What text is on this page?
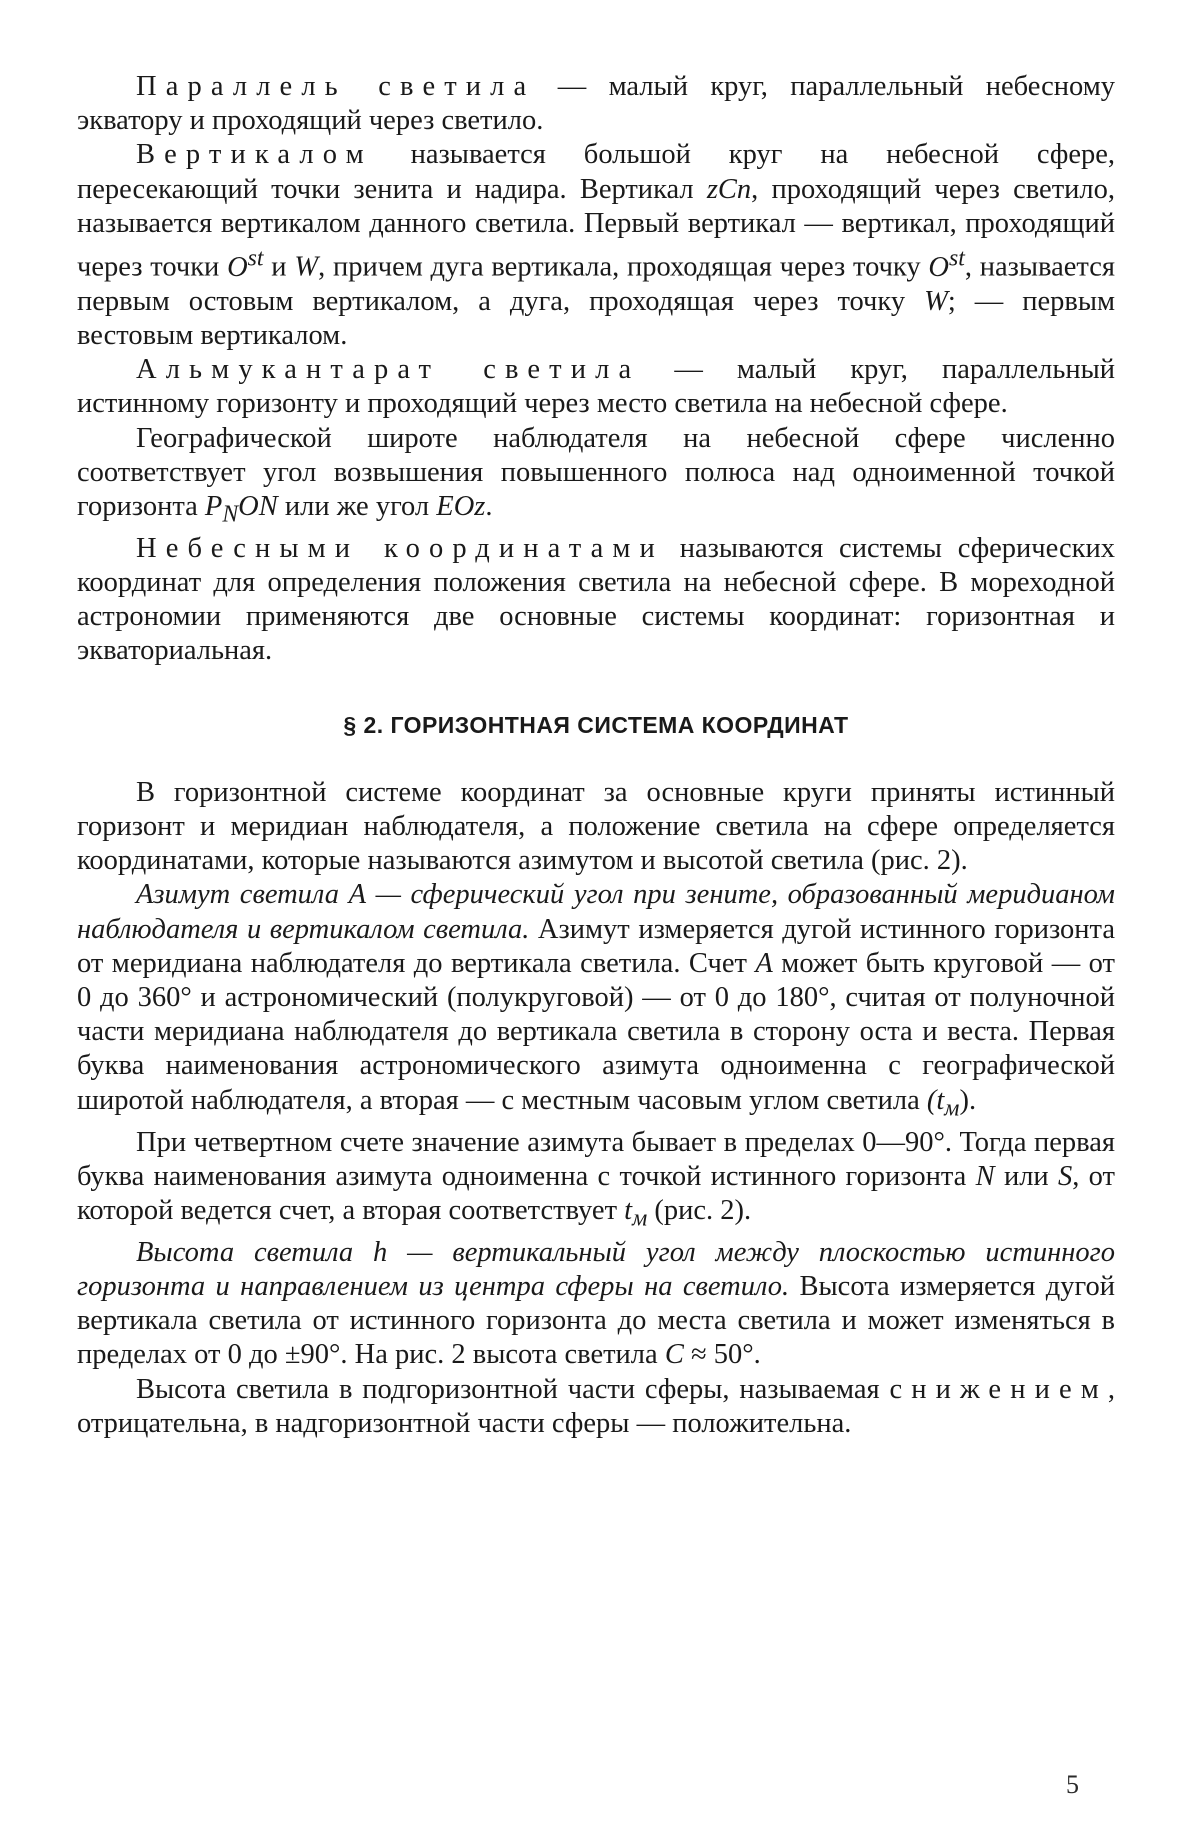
Параллель светила — малый круг, параллельный небесному экватору и проходящий через светило.

Вертикалом называется большой круг на небесной сфере, пересекающий точки зенита и надира. Вертикал zCn, проходящий через светило, называется вертикалом данного светила. Первый вертикал — вертикал, проходящий через точки $O^{st}$ и W, причем дуга вертикала, проходящая через точку $O^{st}$, называется первым остовым вертикалом, а дуга, проходящая через точку W; — первым вестовым вертикалом.

Альмукантарат светила — малый круг, параллельный истинному горизонту и проходящий через место светила на небесной сфере.

Географической широте наблюдателя на небесной сфере численно соответствует угол возвышения повышенного полюса над одноименной точкой горизонта $P_NON$ или же угол EOz.

Небесными координатами называются системы сферических координат для определения положения светила на небесной сфере. В мореходной астрономии применяются две основные системы координат: горизонтная и экваториальная.

§ 2. ГОРИЗОНТНАЯ СИСТЕМА КООРДИНАТ

В горизонтной системе координат за основные круги приняты истинный горизонт и меридиан наблюдателя, а положение светила на сфере определяется координатами, которые называются азимутом и высотой светила (рис. 2).

Азимут светила А — сферический угол при зените, образованный меридианом наблюдателя и вертикалом светила. Азимут измеряется дугой истинного горизонта от меридиана наблюдателя до вертикала светила. Счет А может быть круговой — от 0 до 360° и астрономический (полукруговой) — от 0 до 180°, считая от полуночной части меридиана наблюдателя до вертикала светила в сторону оста и веста. Первая буква наименования астрономического азимута одноименна с географической широтой наблюдателя, а вторая — с местным часовым углом светила $(t_м)$.

При четвертном счете значение азимута бывает в пределах 0—90°. Тогда первая буква наименования азимута одноименна с точкой истинного горизонта N или S, от которой ведется счет, а вторая соответствует $t_м$ (рис. 2).

Высота светила h — вертикальный угол между плоскостью истинного горизонта и направлением из центра сферы на светило. Высота измеряется дугой вертикала светила от истинного горизонта до места светила и может изменяться в пределах от 0 до ±90°. На рис. 2 высота светила С ≈ 50°.

Высота светила в подгоризонтной части сферы, называемая снижением, отрицательна, в надгоризонтной части сферы — положительна.

5
